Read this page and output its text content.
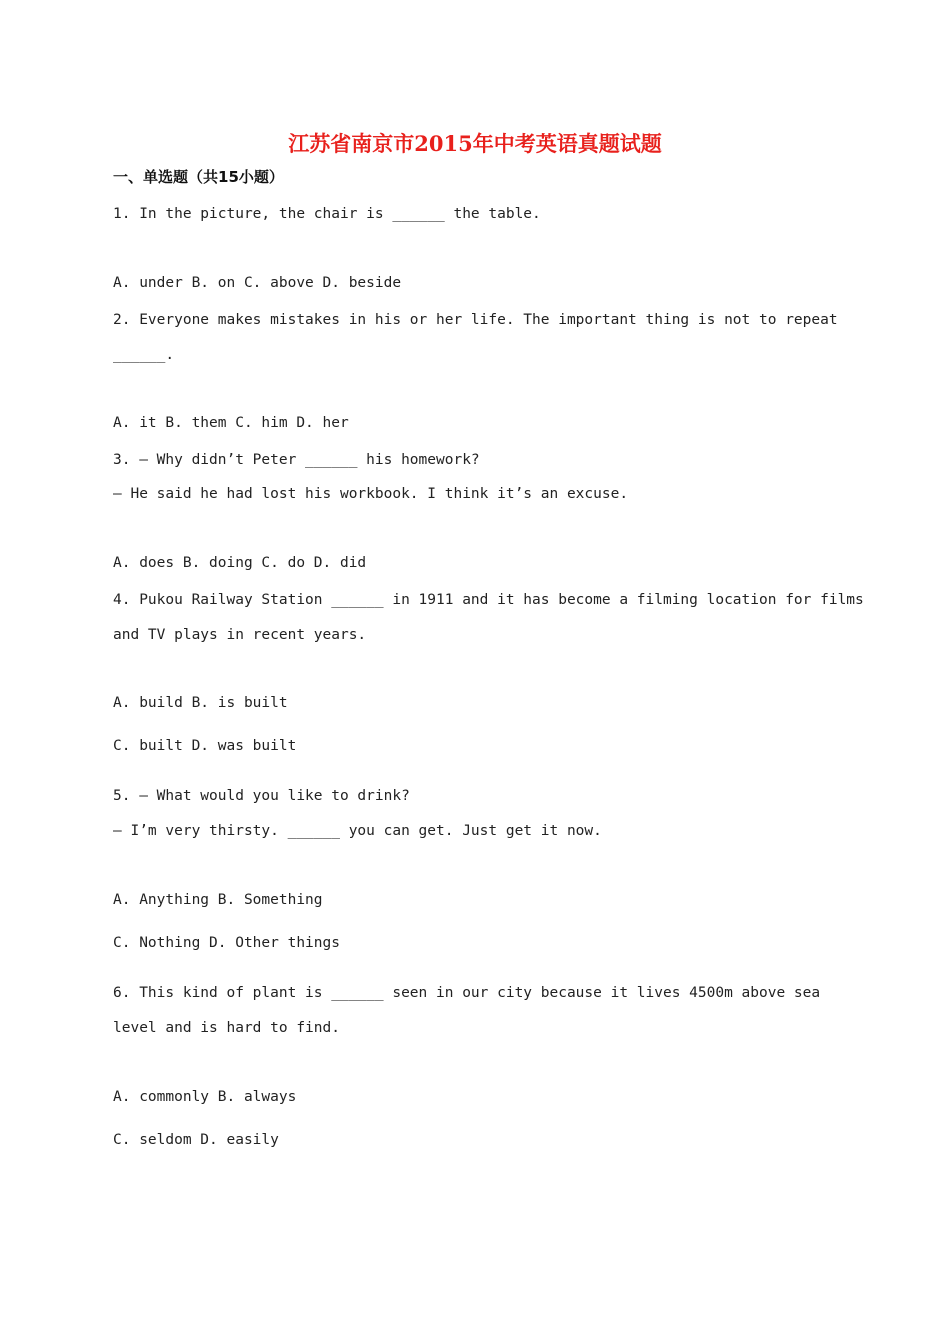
江苏省南京市2015年中考英语真题试题
一、单选题（共15小题）
1. In the picture, the chair is ______ the table.
A. under B. on C. above D. beside
2. Everyone makes mistakes in his or her life. The important thing is not to repeat
______.
A. it B. them C. him D. her
3. — Why didn’t Peter ______ his homework?
— He said he had lost his workbook. I think it’s an excuse.
A. does B. doing C. do D. did
4. Pukou Railway Station ______ in 1911 and it has become a filming location for films
and TV plays in recent years.
A. build B. is built
C. built D. was built
5. — What would you like to drink?
— I’m very thirsty. ______ you can get. Just get it now.
A. Anything B. Something
C. Nothing D. Other things
6. This kind of plant is ______ seen in our city because it lives 4500m above sea
level and is hard to find.
A. commonly B. always
C. seldom D. easily
